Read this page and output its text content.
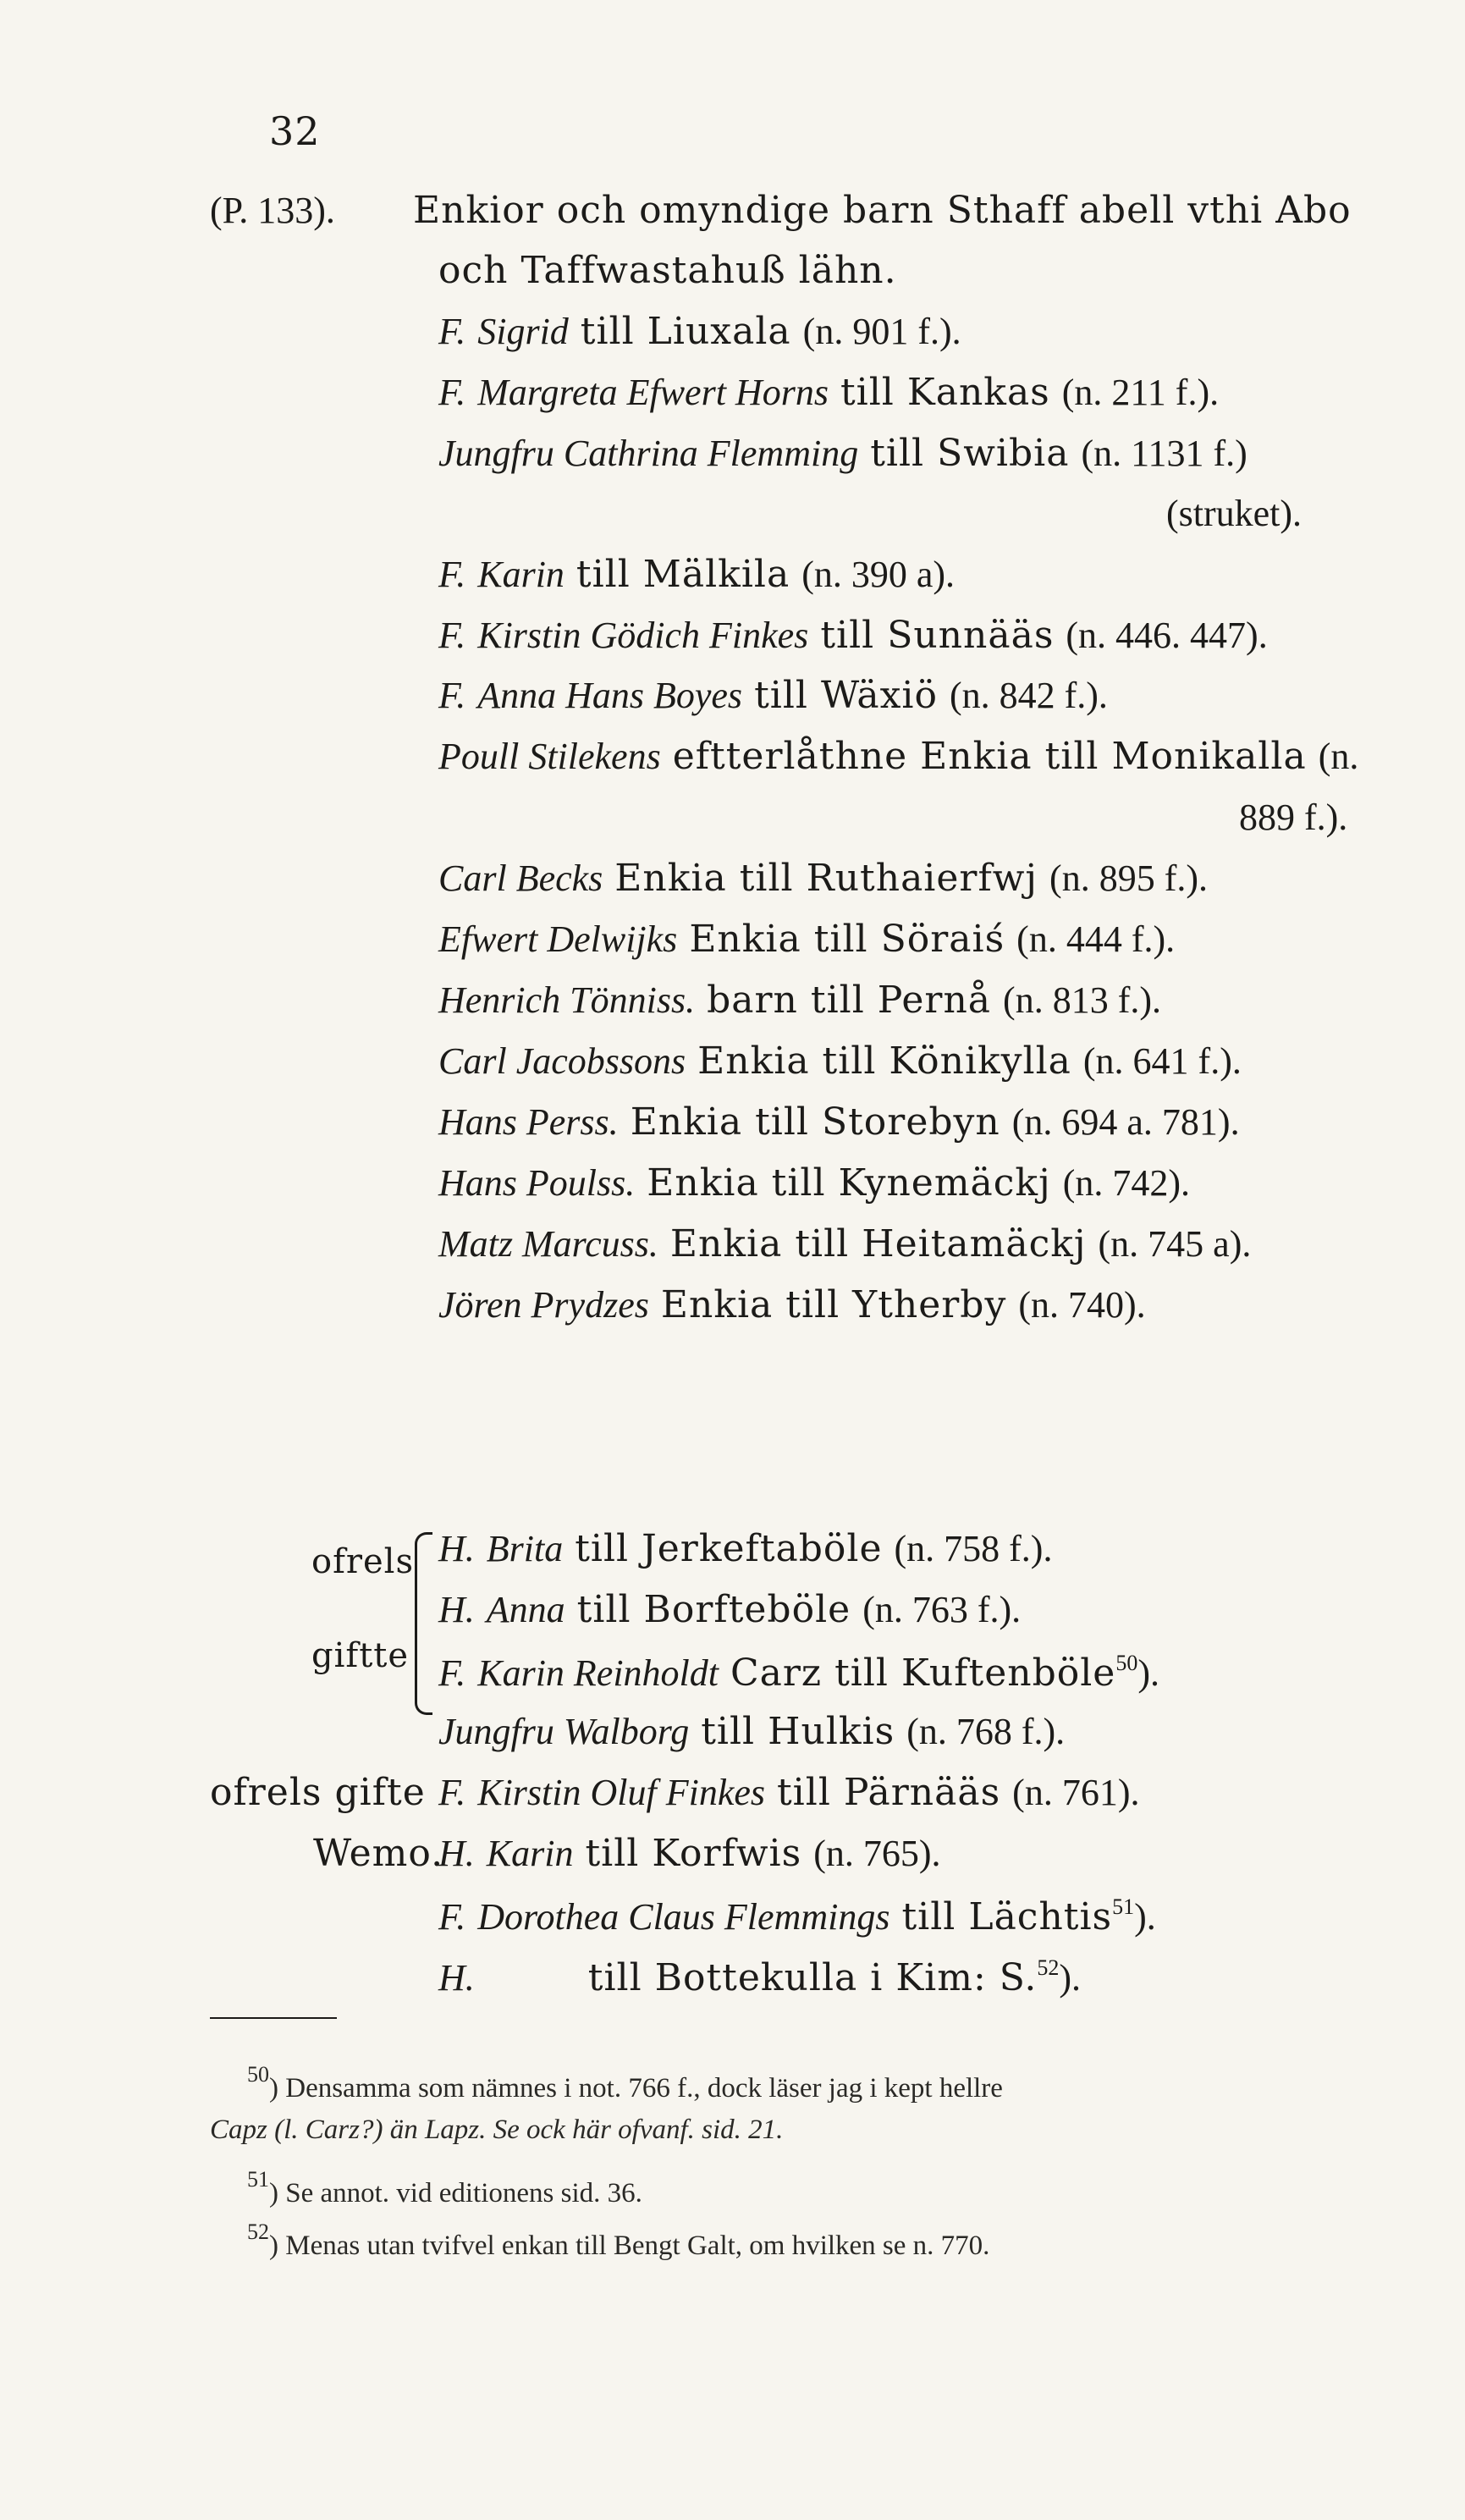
32
(P. 133). Enkior och omyndige barn Sthaff abell vthi Abo
och Taffwastahuß lähn.
F. Sigrid till Liuxala (n. 901 f.).
F. Margreta Efwert Horns till Kankas (n. 211 f.).
Jungfru Cathrina Flemming till Swibia (n. 1131 f.)
(struket).
F. Karin till Mälkila (n. 390 a).
F. Kirstin Gödich Finkes till Sunnääs (n. 446. 447).
F. Anna Hans Boyes till Wäxiö (n. 842 f.).
Poull Stilekens eftterlåthne Enkia till Monikalla (n.
889 f.).
Carl Becks Enkia till Ruthaierfwj (n. 895 f.).
Efwert Delwijks Enkia till Söraiś (n. 444 f.).
Henrich Tönniss. barn till Pernå (n. 813 f.).
Carl Jacobssons Enkia till Könikylla (n. 641 f.).
Hans Perss. Enkia till Storebyn (n. 694 a. 781).
Hans Poulss. Enkia till Kynemäckj (n. 742).
Matz Marcuss. Enkia till Heitamäckj (n. 745 a).
Jören Prydzes Enkia till Ytherby (n. 740).
ofrels
giftte
H. Brita till Jerkeftaböle (n. 758 f.).
H. Anna till Borfteböle (n. 763 f.).
F. Karin Reinholdt Carz till Kuftenböle$^{50}$).
Jungfru Walborg till Hulkis (n. 768 f.).
ofrels gifte F. Kirstin Oluf Finkes till Pärnääs (n. 761).
Wemo.
H. Karin till Korfwis (n. 765).
F. Dorothea Claus Flemmings till Lächtis$^{51}$).
H.	till Bottekulla i Kim: S.$^{52}$).
$^{50}$) Densamma som nämnes i not. 766 f., dock läser jag i kept hellre
Capz (l. Carz?) än Lapz. Se ock här ofvanf. sid. 21.
$^{51}$) Se annot. vid editionens sid. 36.
$^{52}$) Menas utan tvifvel enkan till Bengt Galt, om hvilken se n. 770.
